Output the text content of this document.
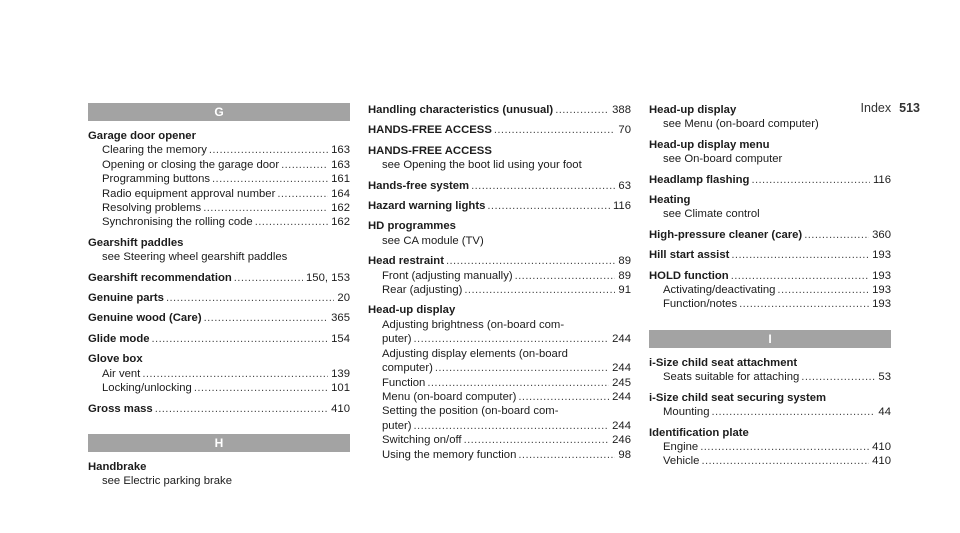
Index 513
G
Garage door opener
Clearing the memory .....	163
Opening or closing the garage door .....	163
Programming buttons .....	161
Radio equipment approval number .....	164
Resolving problems .....	162
Synchronising the rolling code .....	162
Gearshift paddles
see Steering wheel gearshift paddles
Gearshift recommendation .....	150, 153
Genuine parts .....	20
Genuine wood (Care) .....	365
Glide mode .....	154
Glove box
Air vent .....	139
Locking/unlocking .....	101
Gross mass .....	410
H
Handbrake
see Electric parking brake
Handling characteristics (unusual) .....	388
HANDS-FREE ACCESS .....	70
HANDS-FREE ACCESS
see Opening the boot lid using your foot
Hands-free system .....	63
Hazard warning lights .....	116
HD programmes
see CA module (TV)
Head restraint .....	89
Front (adjusting manually) .....	89
Rear (adjusting) .....	91
Head-up display
Adjusting brightness (on-board com-
puter) .....	244
Adjusting display elements (on-board
computer) .....	244
Function .....	245
Menu (on-board computer) .....	244
Setting the position (on-board com-
puter) .....	244
Switching on/off .....	246
Using the memory function .....	98
Head-up display
see Menu (on-board computer)
Head-up display menu
see On-board computer
Headlamp flashing .....	116
Heating
see Climate control
High-pressure cleaner (care) .....	360
Hill start assist .....	193
HOLD function .....	193
Activating/deactivating .....	193
Function/notes .....	193
I
i-Size child seat attachment
Seats suitable for attaching .....	53
i-Size child seat securing system
Mounting .....	44
Identification plate
Engine .....	410
Vehicle .....	410
